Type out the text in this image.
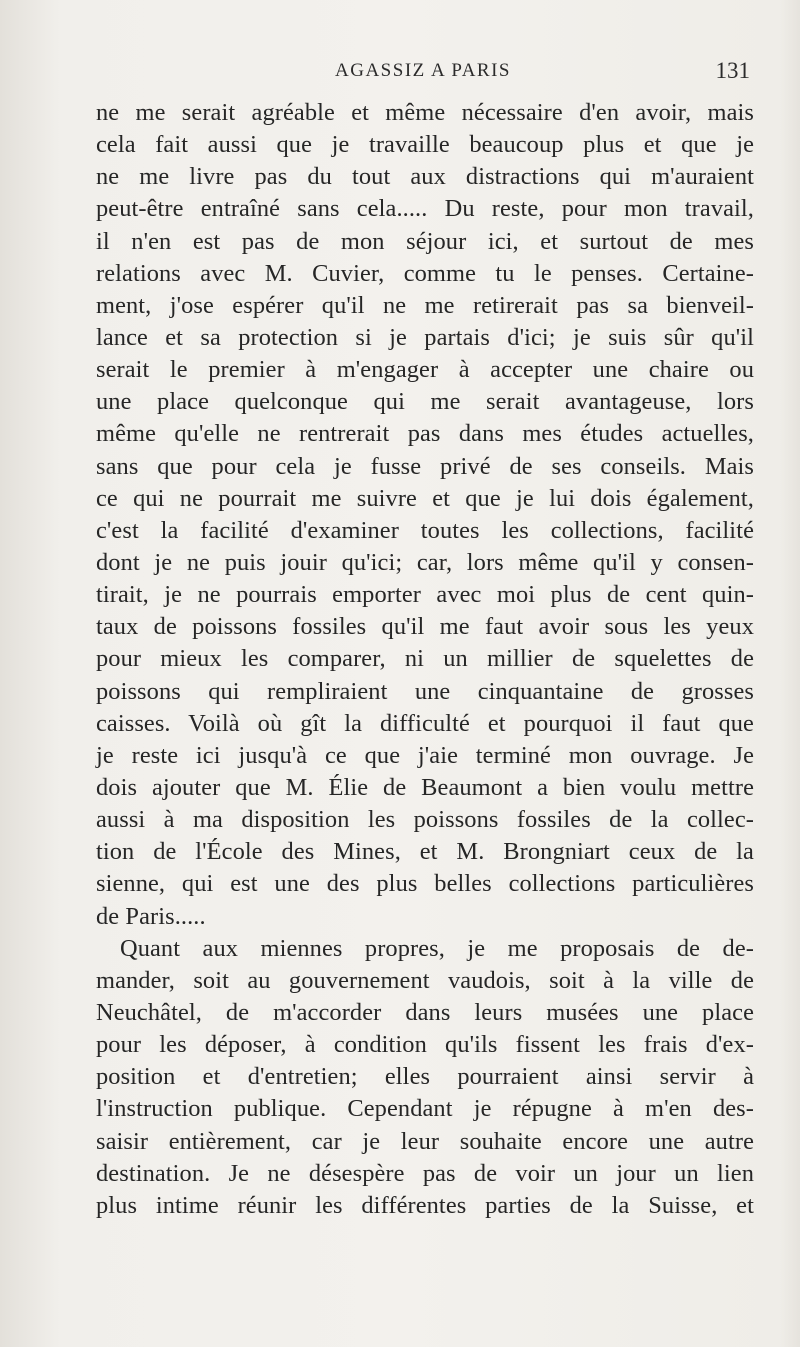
AGASSIZ A PARIS	131
ne me serait agréable et même nécessaire d'en avoir, mais
cela fait aussi que je travaille beaucoup plus et que je
ne me livre pas du tout aux distractions qui m'auraient
peut-être entraîné sans cela..... Du reste, pour mon travail,
il n'en est pas de mon séjour ici, et surtout de mes
relations avec M. Cuvier, comme tu le penses. Certaine-
ment, j'ose espérer qu'il ne me retirerait pas sa bienveil-
lance et sa protection si je partais d'ici; je suis sûr qu'il
serait le premier à m'engager à accepter une chaire ou
une place quelconque qui me serait avantageuse, lors
même qu'elle ne rentrerait pas dans mes études actuelles,
sans que pour cela je fusse privé de ses conseils. Mais
ce qui ne pourrait me suivre et que je lui dois également,
c'est la facilité d'examiner toutes les collections, facilité
dont je ne puis jouir qu'ici; car, lors même qu'il y consen-
tirait, je ne pourrais emporter avec moi plus de cent quin-
taux de poissons fossiles qu'il me faut avoir sous les yeux
pour mieux les comparer, ni un millier de squelettes de
poissons qui rempliraient une cinquantaine de grosses
caisses. Voilà où gît la difficulté et pourquoi il faut que
je reste ici jusqu'à ce que j'aie terminé mon ouvrage. Je
dois ajouter que M. Élie de Beaumont a bien voulu mettre
aussi à ma disposition les poissons fossiles de la collec-
tion de l'École des Mines, et M. Brongniart ceux de la
sienne, qui est une des plus belles collections particulières
de Paris.....
Quant aux miennes propres, je me proposais de de-
mander, soit au gouvernement vaudois, soit à la ville de
Neuchâtel, de m'accorder dans leurs musées une place
pour les déposer, à condition qu'ils fissent les frais d'ex-
position et d'entretien; elles pourraient ainsi servir à
l'instruction publique. Cependant je répugne à m'en des-
saisir entièrement, car je leur souhaite encore une autre
destination. Je ne désespère pas de voir un jour un lien
plus intime réunir les différentes parties de la Suisse, et
